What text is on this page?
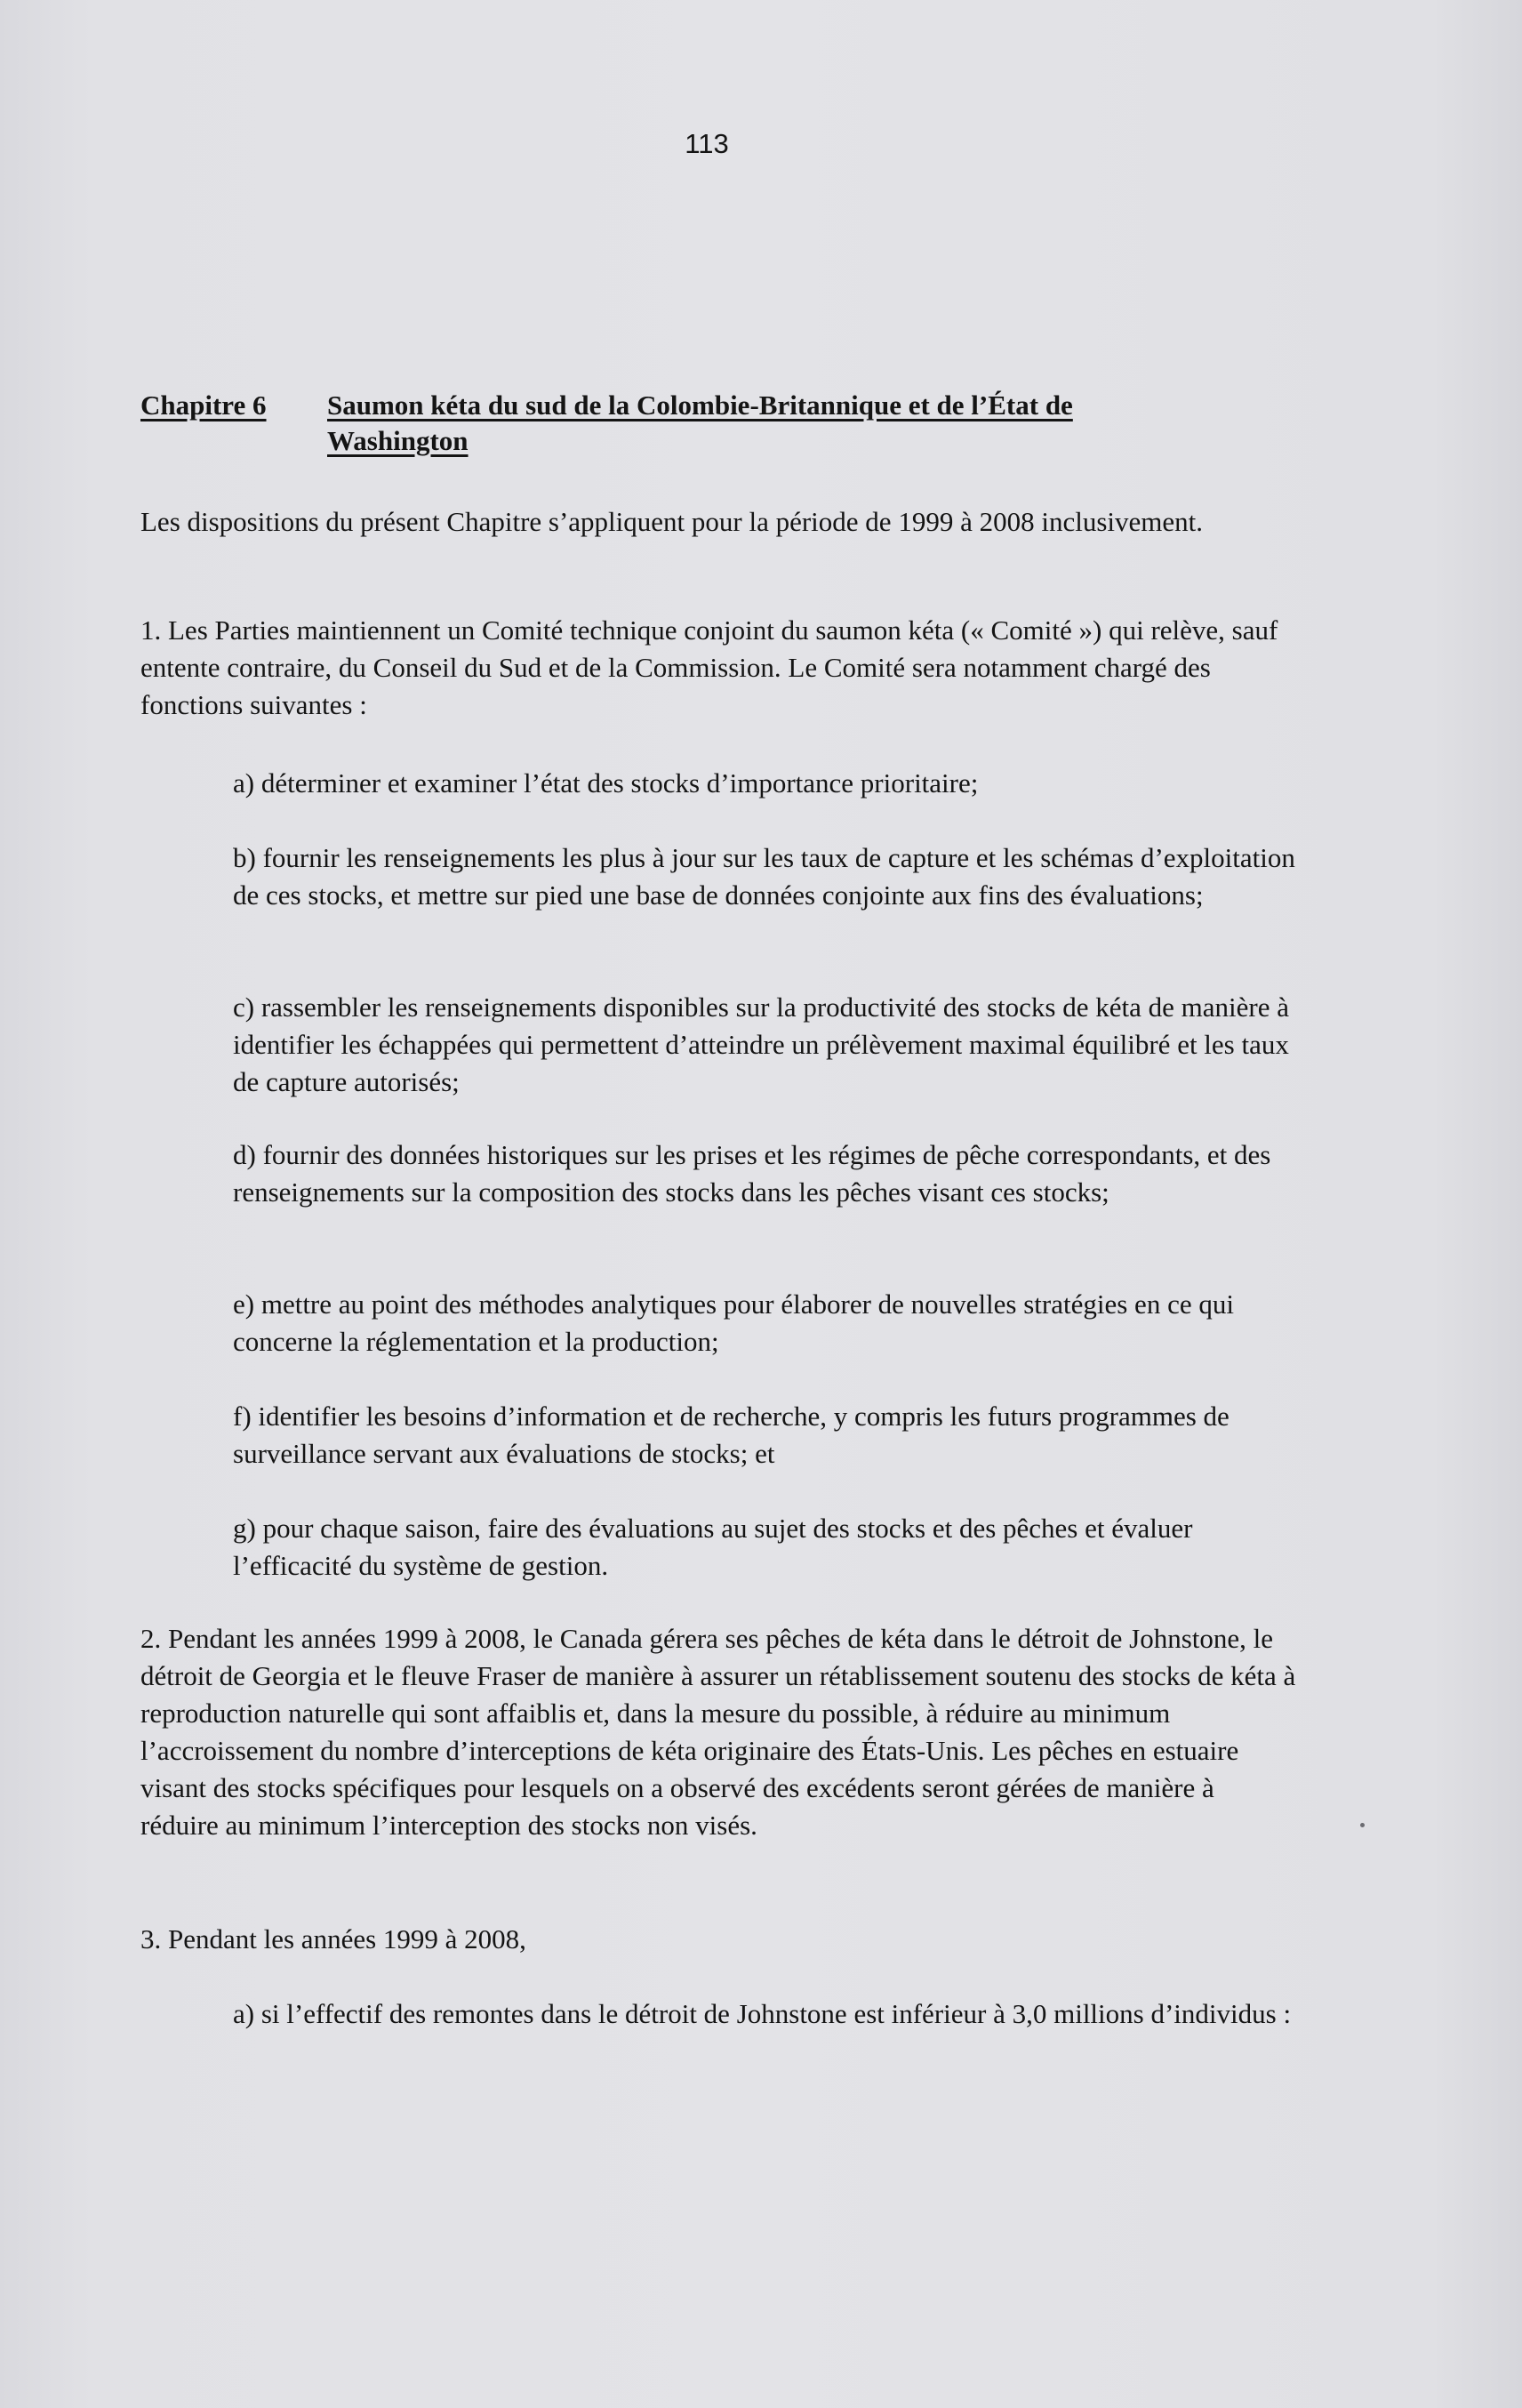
113
Chapitre 6 Saumon kéta du sud de la Colombie-Britannique et de l’État de Washington

Les dispositions du présent Chapitre s’appliquent pour la période de 1999 à 2008 inclusivement.

1. Les Parties maintiennent un Comité technique conjoint du saumon kéta (« Comité ») qui relève, sauf entente contraire, du Conseil du Sud et de la Commission. Le Comité sera notamment chargé des fonctions suivantes :

a) déterminer et examiner l’état des stocks d’importance prioritaire;

b) fournir les renseignements les plus à jour sur les taux de capture et les schémas d’exploitation de ces stocks, et mettre sur pied une base de données conjointe aux fins des évaluations;

c) rassembler les renseignements disponibles sur la productivité des stocks de kéta de manière à identifier les échappées qui permettent d’atteindre un prélèvement maximal équilibré et les taux de capture autorisés;

d) fournir des données historiques sur les prises et les régimes de pêche correspondants, et des renseignements sur la composition des stocks dans les pêches visant ces stocks;

e) mettre au point des méthodes analytiques pour élaborer de nouvelles stratégies en ce qui concerne la réglementation et la production;

f) identifier les besoins d’information et de recherche, y compris les futurs programmes de surveillance servant aux évaluations de stocks; et

g) pour chaque saison, faire des évaluations au sujet des stocks et des pêches et évaluer l’efficacité du système de gestion.

2. Pendant les années 1999 à 2008, le Canada gérera ses pêches de kéta dans le détroit de Johnstone, le détroit de Georgia et le fleuve Fraser de manière à assurer un rétablissement soutenu des stocks de kéta à reproduction naturelle qui sont affaiblis et, dans la mesure du possible, à réduire au minimum l’accroissement du nombre d’interceptions de kéta originaire des États-Unis. Les pêches en estuaire visant des stocks spécifiques pour lesquels on a observé des excédents seront gérées de manière à réduire au minimum l’interception des stocks non visés.

3. Pendant les années 1999 à 2008,

a) si l’effectif des remontes dans le détroit de Johnstone est inférieur à 3,0 millions d’individus :
